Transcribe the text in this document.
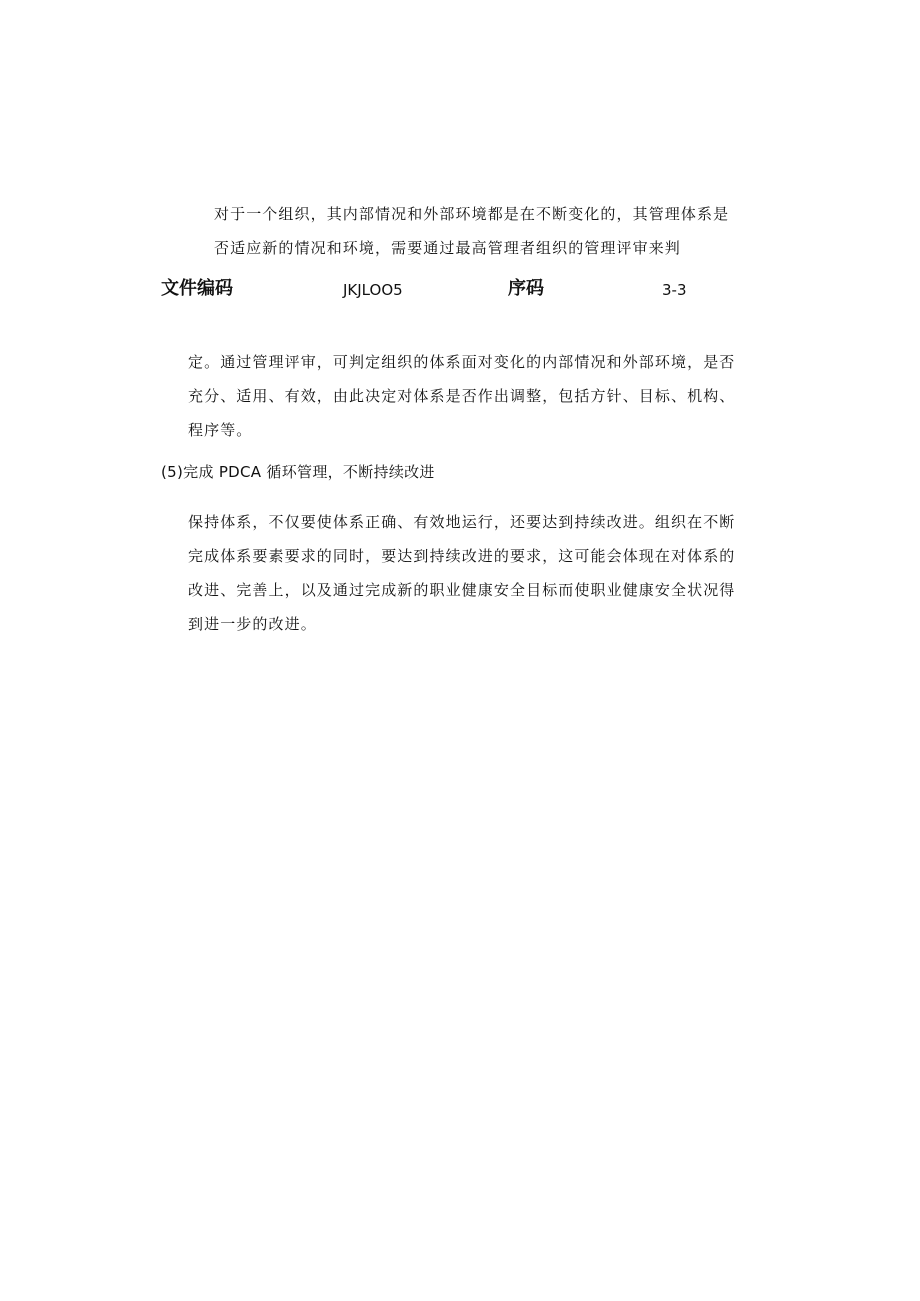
对于一个组织，其内部情况和外部环境都是在不断变化的，其管理体系是
否适应新的情况和环境，需要通过最高管理者组织的管理评审来判
文件编码	JKJLOO5	序码	3-3
定。通过管理评审，可判定组织的体系面对变化的内部情况和外部环境，是否
充分、适用、有效，由此决定对体系是否作出调整，包括方针、目标、机构、
程序等。
(5)完成 PDCA 循环管理，不断持续改进
保持体系，不仅要使体系正确、有效地运行，还要达到持续改进。组织在不断
完成体系要素要求的同时，要达到持续改进的要求，这可能会体现在对体系的
改进、完善上，以及通过完成新的职业健康安全目标而使职业健康安全状况得
到进一步的改进。
